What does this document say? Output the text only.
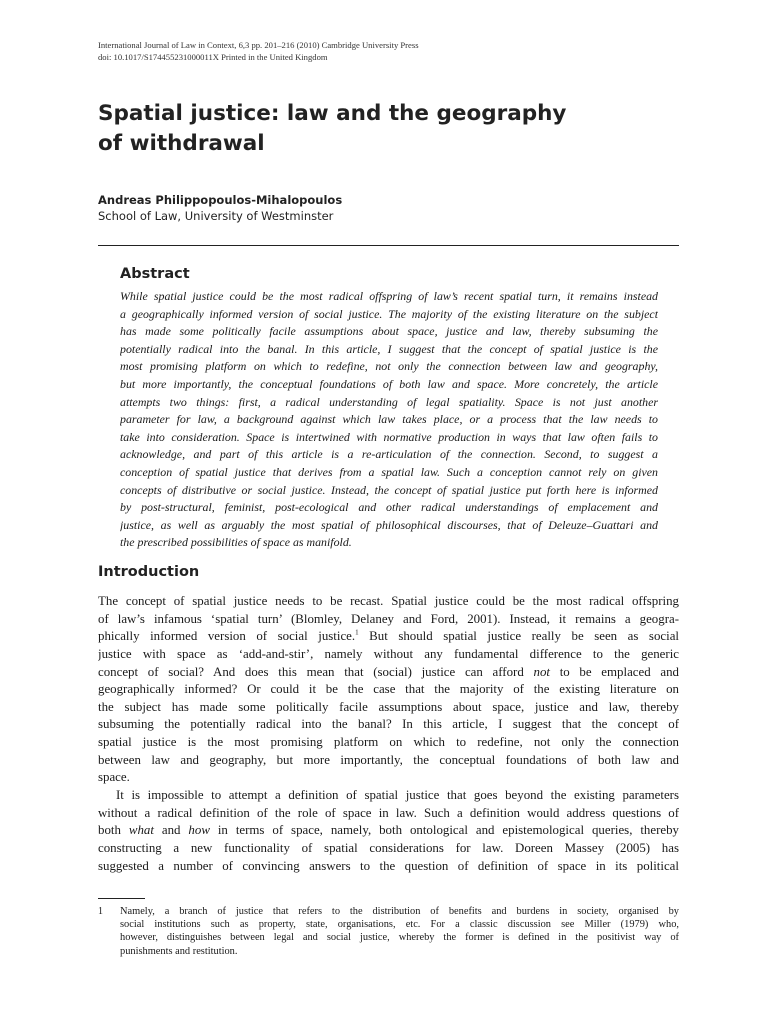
International Journal of Law in Context, 6,3 pp. 201–216 (2010) Cambridge University Press
doi: 10.1017/S174455231000011X Printed in the United Kingdom
Spatial justice: law and the geography
of withdrawal
Andreas Philippopoulos-Mihalopoulos
School of Law, University of Westminster
Abstract
While spatial justice could be the most radical offspring of law’s recent spatial turn, it remains instead
a geographically informed version of social justice. The majority of the existing literature on the subject
has made some politically facile assumptions about space, justice and law, thereby subsuming the
potentially radical into the banal. In this article, I suggest that the concept of spatial justice is the
most promising platform on which to redefine, not only the connection between law and geography,
but more importantly, the conceptual foundations of both law and space. More concretely, the article
attempts two things: first, a radical understanding of legal spatiality. Space is not just another
parameter for law, a background against which law takes place, or a process that the law needs to
take into consideration. Space is intertwined with normative production in ways that law often fails to
acknowledge, and part of this article is a re-articulation of the connection. Second, to suggest a
conception of spatial justice that derives from a spatial law. Such a conception cannot rely on given
concepts of distributive or social justice. Instead, the concept of spatial justice put forth here is informed
by post-structural, feminist, post-ecological and other radical understandings of emplacement and
justice, as well as arguably the most spatial of philosophical discourses, that of Deleuze–Guattari and
the prescribed possibilities of space as manifold.
Introduction
The concept of spatial justice needs to be recast. Spatial justice could be the most radical offspring
of law’s infamous ‘spatial turn’ (Blomley, Delaney and Ford, 2001). Instead, it remains a geogra-
phically informed version of social justice.$^1$ But should spatial justice really be seen as social
justice with space as ‘add-and-stir’, namely without any fundamental difference to the generic
concept of social? And does this mean that (social) justice can afford not to be emplaced and
geographically informed? Or could it be the case that the majority of the existing literature on
the subject has made some politically facile assumptions about space, justice and law, thereby
subsuming the potentially radical into the banal? In this article, I suggest that the concept of
spatial justice is the most promising platform on which to redefine, not only the connection
between law and geography, but more importantly, the conceptual foundations of both law and
space.
It is impossible to attempt a definition of spatial justice that goes beyond the existing parameters
without a radical definition of the role of space in law. Such a definition would address questions of
both what and how in terms of space, namely, both ontological and epistemological queries, thereby
constructing a new functionality of spatial considerations for law. Doreen Massey (2005) has
suggested a number of convincing answers to the question of definition of space in its political
1 Namely, a branch of justice that refers to the distribution of benefits and burdens in society, organised by
social institutions such as property, state, organisations, etc. For a classic discussion see Miller (1979) who,
however, distinguishes between legal and social justice, whereby the former is defined in the positivist way of
punishments and restitution.
